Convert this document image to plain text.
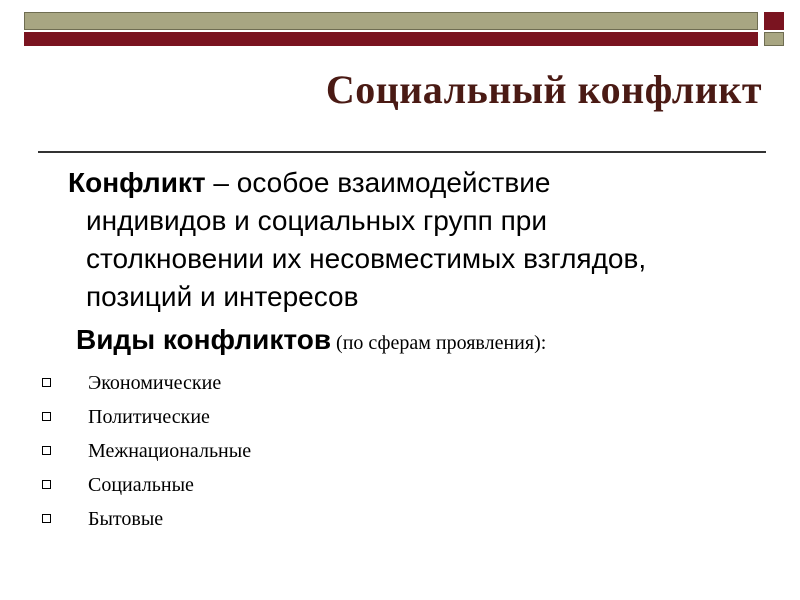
Социальный конфликт
Конфликт – особое взаимодействие
индивидов и социальных групп при
столкновении их несовместимых взглядов,
позиций и интересов
Виды конфликтов (по сферам проявления):
Экономические
Политические
Межнациональные
Социальные
Бытовые
